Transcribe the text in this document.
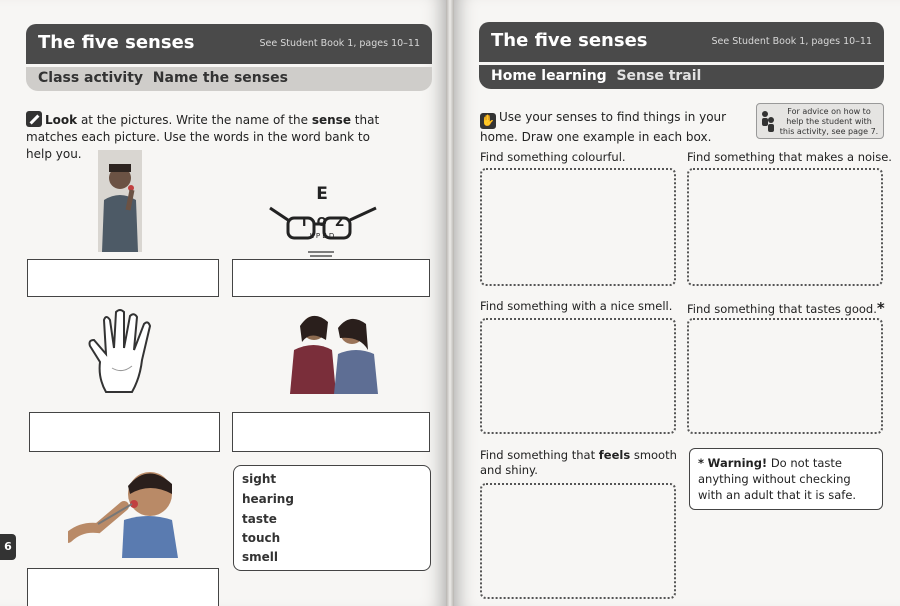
The five senses	See Student Book 1, pages 10–11
Class activity Name the senses
Look at the pictures. Write the name of the sense that matches each picture. Use the words in the word bank to help you.
E
T  O  Z
L P E D
sight
hearing
taste
touch
smell
6
The five senses	See Student Book 1, pages 10–11
Home learning Sense trail
✋ Use your senses to find things in your home. Draw one example in each box.
For advice on how to help the student with this activity, see page 7.
Find something colourful.	Find something that makes a noise.
Find something with a nice smell. Find something that tastes good.*
Find something that feels smooth and shiny.	* Warning! Do not taste anything without checking with an adult that it is safe.
